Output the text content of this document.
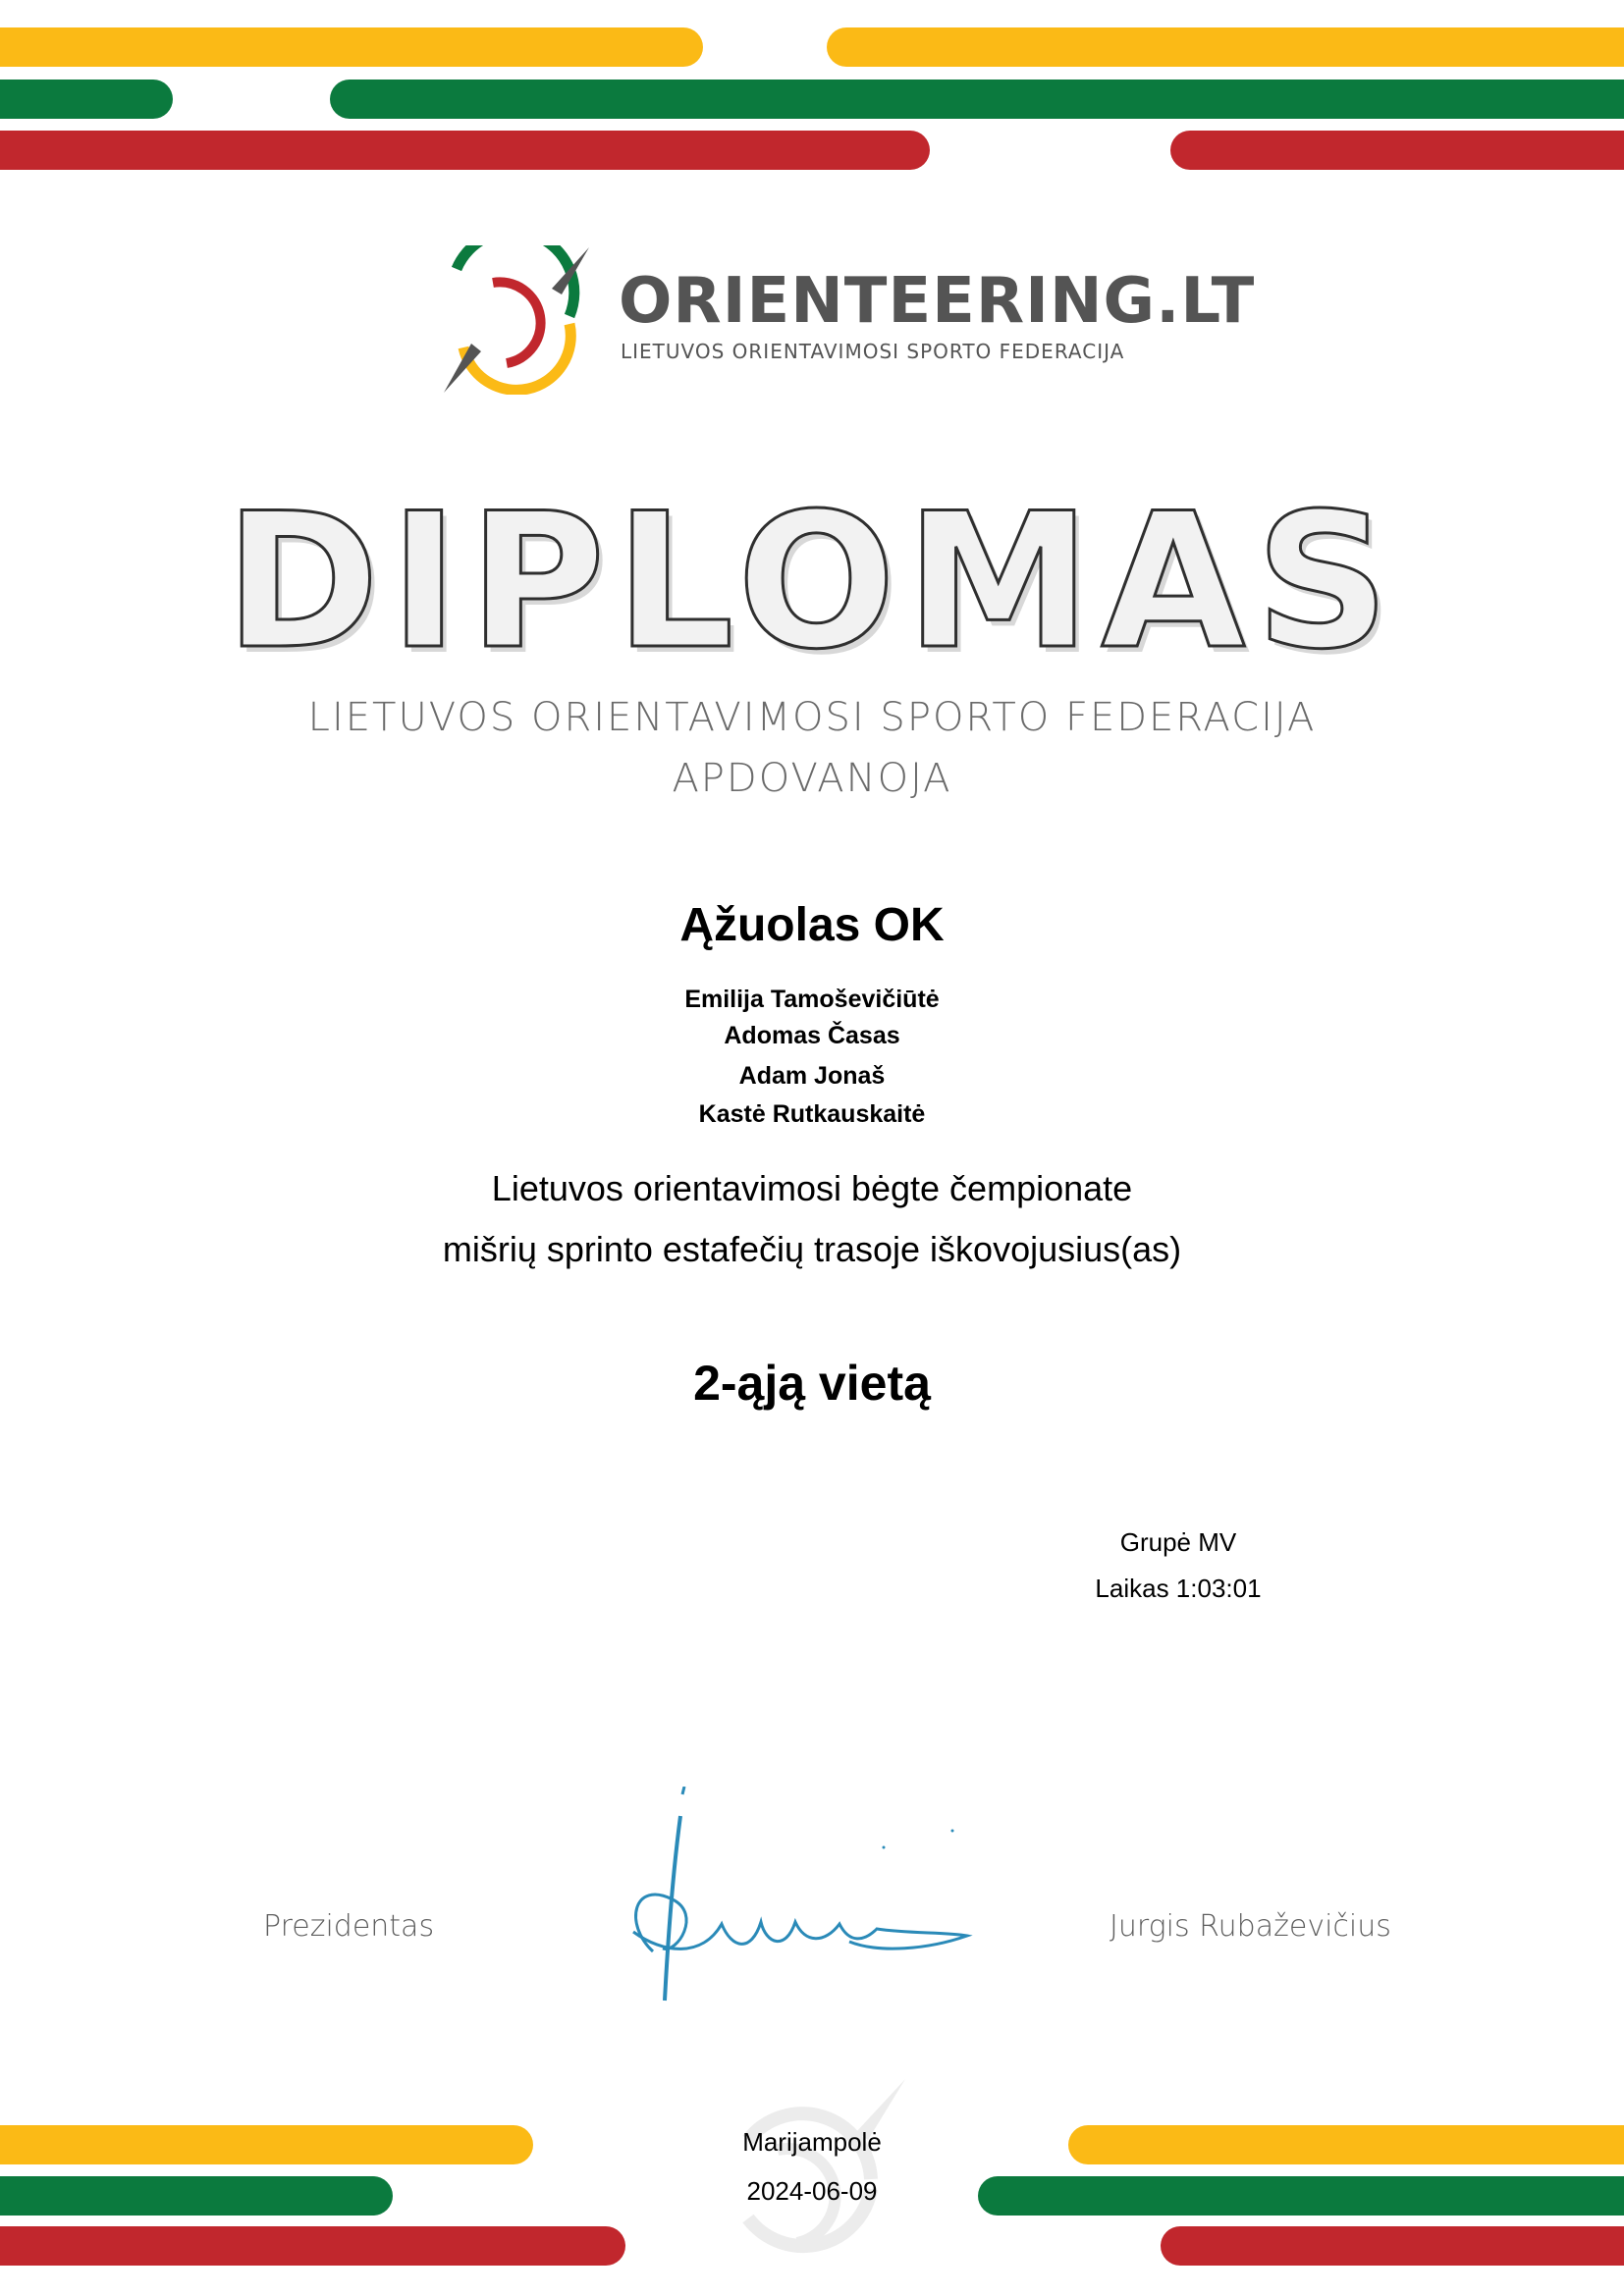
ORIENTEERING.LT
LIETUVOS ORIENTAVIMOSI SPORTO FEDERACIJA
DIPLOMAS
LIETUVOS ORIENTAVIMOSI SPORTO FEDERACIJA
APDOVANOJA
Ąžuolas OK
Emilija Tamoševičiūtė
Adomas Časas
Adam Jonaš
Kastė Rutkauskaitė
Lietuvos orientavimosi bėgte čempionate
mišrių sprinto estafečių trasoje iškovojusius(as)
2-ąją vietą
Grupė MV
Laikas 1:03:01
Prezidentas	Jurgis Rubaževičius
Marijampolė
2024-06-09
